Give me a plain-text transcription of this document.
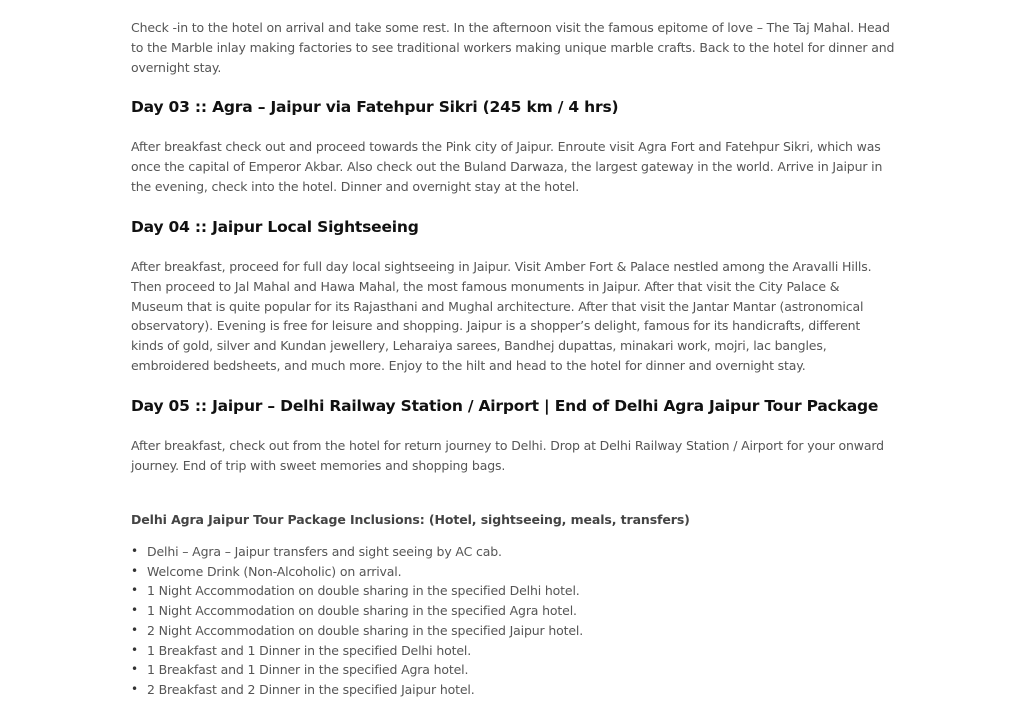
Check -in to the hotel on arrival and take some rest. In the afternoon visit the famous epitome of love – The Taj Mahal. Head to the Marble inlay making factories to see traditional workers making unique marble crafts. Back to the hotel for dinner and overnight stay.

Day 03 :: Agra – Jaipur via Fatehpur Sikri (245 km / 4 hrs)

After breakfast check out and proceed towards the Pink city of Jaipur. Enroute visit Agra Fort and Fatehpur Sikri, which was once the capital of Emperor Akbar. Also check out the Buland Darwaza, the largest gateway in the world. Arrive in Jaipur in the evening, check into the hotel. Dinner and overnight stay at the hotel.

Day 04 :: Jaipur Local Sightseeing

After breakfast, proceed for full day local sightseeing in Jaipur. Visit Amber Fort & Palace nestled among the Aravalli Hills. Then proceed to Jal Mahal and Hawa Mahal, the most famous monuments in Jaipur. After that visit the City Palace & Museum that is quite popular for its Rajasthani and Mughal architecture. After that visit the Jantar Mantar (astronomical observatory). Evening is free for leisure and shopping. Jaipur is a shopper’s delight, famous for its handicrafts, different kinds of gold, silver and Kundan jewellery, Leharaiya sarees, Bandhej dupattas, minakari work, mojri, lac bangles, embroidered bedsheets, and much more. Enjoy to the hilt and head to the hotel for dinner and overnight stay.

Day 05 :: Jaipur – Delhi Railway Station / Airport | End of Delhi Agra Jaipur Tour Package

After breakfast, check out from the hotel for return journey to Delhi. Drop at Delhi Railway Station / Airport for your onward journey. End of trip with sweet memories and shopping bags.

Delhi Agra Jaipur Tour Package Inclusions: (Hotel, sightseeing, meals, transfers)

• Delhi – Agra – Jaipur transfers and sight seeing by AC cab.
• Welcome Drink (Non-Alcoholic) on arrival.
• 1 Night Accommodation on double sharing in the specified Delhi hotel.
• 1 Night Accommodation on double sharing in the specified Agra hotel.
• 2 Night Accommodation on double sharing in the specified Jaipur hotel.
• 1 Breakfast and 1 Dinner in the specified Delhi hotel.
• 1 Breakfast and 1 Dinner in the specified Agra hotel.
• 2 Breakfast and 2 Dinner in the specified Jaipur hotel.
